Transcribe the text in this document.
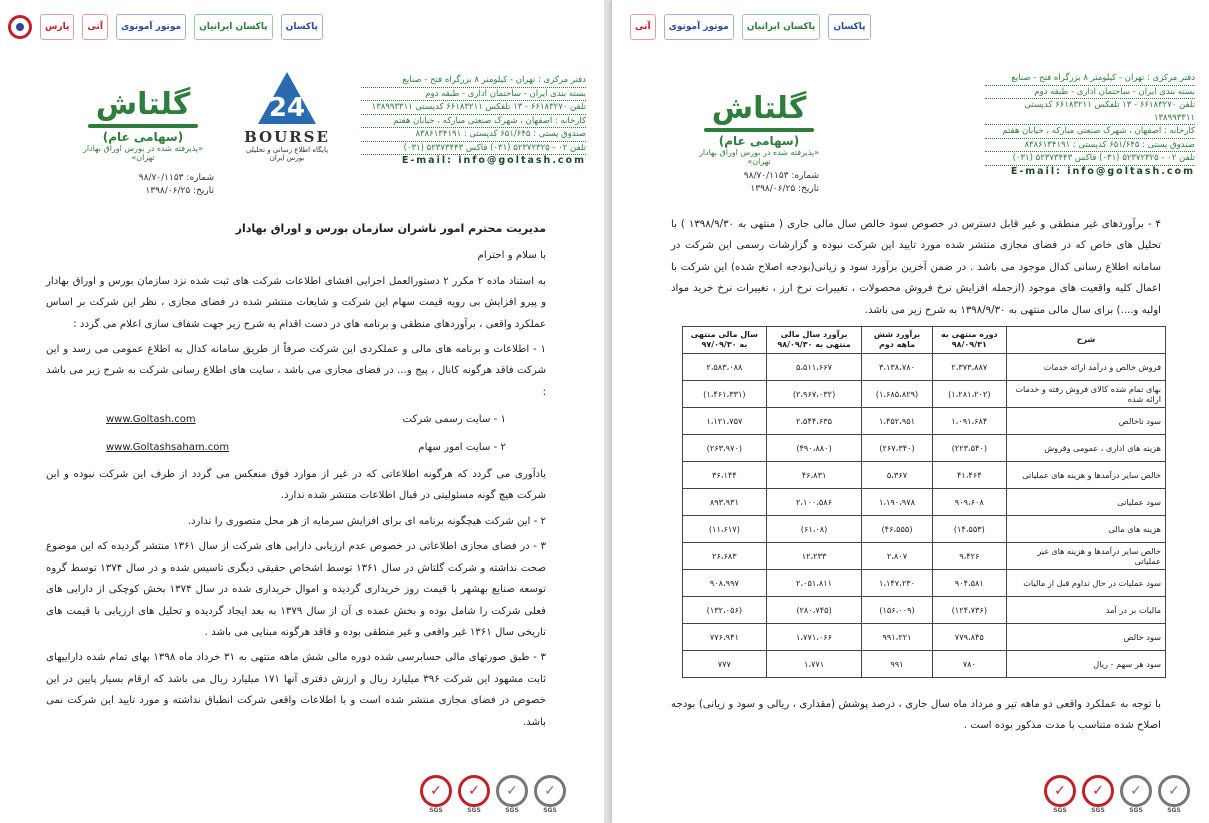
پارس	آتی	موتور آموتوی	پاکسان ایرانیان	پاکسان
گلتاش
(سهامی عام)
«پذیرفته شده در بورس اوراق بهادار تهران»
24
BOURSE
پایگاه اطلاع رسانی و تحلیلی بورس ایران
دفتر مرکزی : تهران - کیلومتر ۸ بزرگراه فتح - صنایع
بسته بندی ایران - ساختمان اداری - طبقه دوم
تلفن ۶۶۱۸۳۲۷۰ - ۱۳ تلفکس ۶۶۱۸۳۲۱۱ کدپستی ۱۳۸۹۹۳۳۱۱
کارخانه : اصفهان ، شهرک صنعتی مبارکه ، خیابان هفتم
صندوق پستی : ۶۵۱/۶۴۵ کدپستی : ۸۳۸۶۱۳۴۱۹۱
تلفن ۰۲ - ۵۲۳۷۲۳۲۵ (۰۳۱) فاکس ۵۲۳۷۳۴۴۳ (۰۳۱)
E-mail: info@goltash.com
شماره: ۹۸/۷۰/۱۱۵۳
تاریخ: ۱۳۹۸/۰۶/۲۵

مدیریت محترم امور ناشران سازمان بورس و اوراق بهادار

با سلام و احترام

به استناد ماده ۲ مکرر ۲ دستورالعمل اجرایی افشای اطلاعات شرکت های ثبت شده نزد سازمان بورس و اوراق بهادار و پیرو افزایش بی رویه قیمت سهام این شرکت و شایعات منتشر شده در فضای مجازی ، نظر این شرکت بر اساس عملکرد واقعی ، برآوردهای منطقی و برنامه های در دست اقدام به شرح زیر جهت شفاف سازی اعلام می گردد :

۱ - اطلاعات و برنامه های مالی و عملکردی این شرکت صرفاً از طریق سامانه کدال به اطلاع عمومی می رسد و این شرکت فاقد هرگونه کانال ، پیج و... در فضای مجازی می باشد ، سایت های اطلاع رسانی شرکت به شرح زیر می باشد :

۱ - سایت رسمی شرکت
www.Goltash.com
۲ - سایت امور سهام
www.Goltashsaham.com

یادآوری می گردد که هرگونه اطلاعاتی که در غیر از موارد فوق منعکس می گردد از طرف این شرکت نبوده و این شرکت هیچ گونه مسئولیتی در قبال اطلاعات منتشر شده ندارد.

۲ - این شرکت هیچگونه برنامه ای برای افزایش سرمایه از هر محل متصوری را ندارد.

۳ - در فضای مجازی اطلاعاتی در خصوص عدم ارزیابی دارایی های شرکت از سال ۱۳۶۱ منتشر گردیده که این موضوع صحت نداشته و شرکت گلتاش در سال ۱۳۶۱ توسط اشخاص حقیقی دیگری تاسیس شده و در سال ۱۳۷۴ توسط گروه توسعه صنایع بهشهر با قیمت روز خریداری گردیده و اموال خریداری شده در سال ۱۳۷۴ بخش کوچکی از دارایی های فعلی شرکت را شامل بوده و بخش عمده ی آن از سال ۱۳۷۹ به بعد ایجاد گردیده و تحلیل های ارزیابی با قیمت های تاریخی سال ۱۳۶۱ غیر واقعی و غیر منطقی بوده و فاقد هرگونه مبنایی می باشد .

۳ - طبق صورتهای مالی حسابرسی شده دوره مالی شش ماهه منتهی به ۳۱ خرداد ماه ۱۳۹۸ بهای تمام شده داراییهای ثابت مشهود این شرکت ۳۹۶ میلیارد ریال و ارزش دفتری آنها ۱۷۱ میلیارد ریال می باشد که ارقام بسیار پایین در این خصوص در فضای مجازی منتشر شده است و با اطلاعات واقعی شرکت انطباق نداشته و مورد تایید این شرکت نمی باشد.

✓
SGS
✓
SGS
✓
SGS
✓
SGS
آتی	موتور آموتوی	پاکسان ایرانیان	پاکسان
گلتاش
(سهامی عام)
«پذیرفته شده در بورس اوراق بهادار تهران»
دفتر مرکزی : تهران - کیلومتر ۸ بزرگراه فتح - صنایع
بسته بندی ایران - ساختمان اداری - طبقه دوم
تلفن ۶۶۱۸۳۲۷۰ - ۱۳ تلفکس ۶۶۱۸۳۲۱۱ کدپستی ۱۳۸۹۹۳۳۱۱
کارخانه : اصفهان ، شهرک صنعتی مبارکه ، خیابان هفتم
صندوق پستی : ۶۵۱/۶۴۵ کدپستی : ۸۳۸۶۱۳۴۱۹۱
تلفن ۰۲ - ۵۲۳۷۲۳۲۵ (۰۳۱) فاکس ۵۲۳۷۳۴۴۳ (۰۳۱)
E-mail: info@goltash.com
شماره: ۹۸/۷۰/۱۱۵۳
تاریخ: ۱۳۹۸/۰۶/۲۵

۴ - برآوردهای غیر منطقی و غیر قابل دسترس در خصوص سود خالص سال مالی جاری ( منتهی به ۱۳۹۸/۹/۳۰ ) با تحلیل های خاص که در فضای مجازی منتشر شده مورد تایید این شرکت نبوده و گزارشات رسمی این شرکت در سامانه اطلاع رسانی کدال موجود می باشد . در ضمن آخرین برآورد سود و زیانی(بودجه اصلاح شده) این شرکت با اعمال کلیه واقعیت های موجود (ازجمله افزایش نرخ فروش محصولات ، تغییرات نرخ ارز ، تغییرات نرخ خرید مواد اولیه و....) برای سال مالی منتهی به ۱۳۹۸/۹/۳۰ به شرح زیر می باشد.

شرح	دوره منتهی به ۹۸/۰۹/۳۱	برآورد شش ماهه دوم	برآورد سال مالی منتهی به ۹۸/۰۹/۳۰	سال مالی منتهی به ۹۷/۰۹/۳۰
فروش خالص و درآمد ارائه خدمات	۲،۳۷۳،۸۸۷	۳،۱۳۸،۷۸۰	۵،۵۱۱،۶۶۷	۲،۵۸۳،۰۸۸
بهای تمام شده کالای فروش رفته و خدمات ارائه شده	(۱،۲۸۱،۲۰۲)	(۱،۶۸۵،۸۲۹)	(۲،۹۶۷،۰۳۲)	(۱،۴۶۱،۳۳۱)
سود ناخالص	۱،۰۹۱،۶۸۴	۱،۴۵۲،۹۵۱	۲،۵۴۴،۶۳۵	۱،۱۲۱،۷۵۷
هزینه های اداری ، عمومی وفروش	(۲۲۳،۵۴۰)	(۲۶۷،۳۴۰)	(۴۹۰،۸۸۰)	(۲۶۳،۹۷۰)
خالص سایر درآمدها و هزینه های عملیاتی	۴۱،۴۶۴	۵،۳۶۷	۴۶،۸۳۱	۳۶،۱۴۴
سود عملیاتی	۹۰۹،۶۰۸	۱،۱۹۰،۹۷۸	۲،۱۰۰،۵۸۶	۸۹۳،۹۳۱
هزینه های مالی	(۱۴،۵۵۳)	(۴۶،۵۵۵)	(۶۱،۰۸)	(۱۱،۶۱۷)
خالص سایر درآمدها و هزینه های غیر عملیاتی	۹،۴۲۶	۲،۸۰۷	۱۲،۲۳۳	۲۶،۶۸۳
سود عملیات در حال تداوم قبل از مالیات	۹۰۴،۵۸۱	۱،۱۴۷،۲۳۰	۲،۰۵۱،۸۱۱	۹۰۸،۹۹۷
مالیات بر در آمد	(۱۲۴،۷۳۶)	(۱۵۶،۰۰۹)	(۲۸۰،۷۴۵)	(۱۳۲،۰۵۶)
سود خالص	۷۷۹،۸۴۵	۹۹۱،۲۲۱	۱،۷۷۱،۰۶۶	۷۷۶،۹۴۱
سود هر سهم - ریال	۷۸۰	۹۹۱	۱،۷۷۱	۷۷۷

با توجه به عملکرد واقعی دو ماهه تیر و مرداد ماه سال جاری ، درصد پوشش (مقداری ، ریالی و سود و زیانی) بودجه اصلاح شده متناسب با مدت مذکور بوده است .

✓
SGS
✓
SGS
✓
SGS
✓
SGS
